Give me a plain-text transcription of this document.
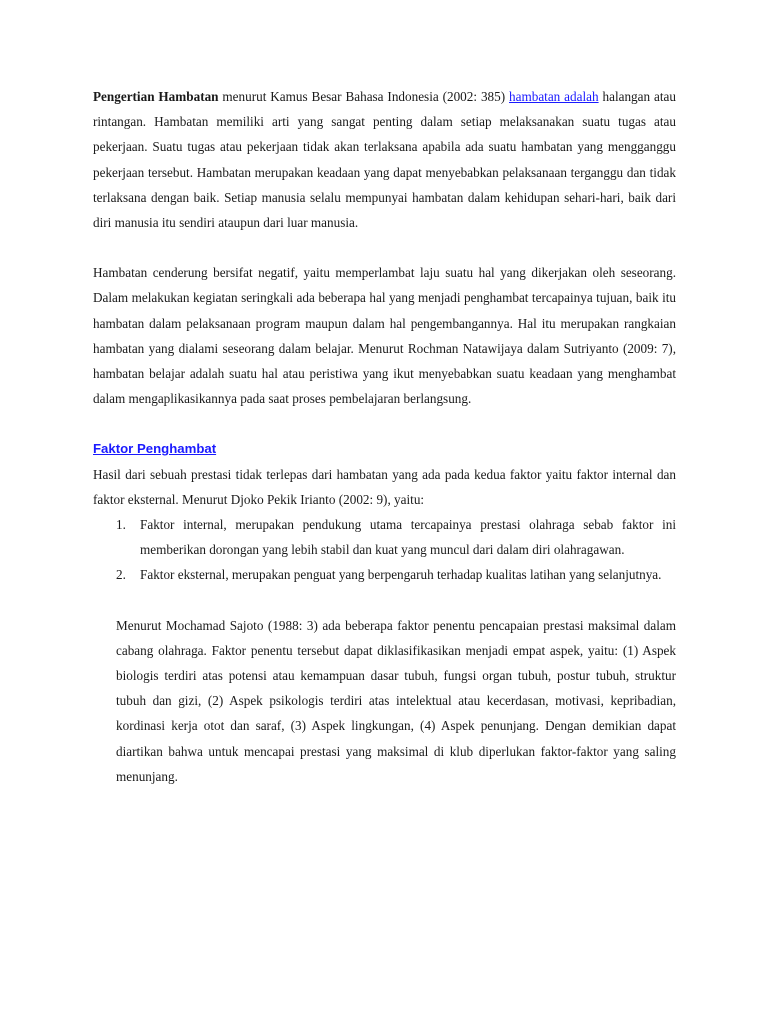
Pengertian Hambatan menurut Kamus Besar Bahasa Indonesia (2002: 385) hambatan adalah halangan atau rintangan. Hambatan memiliki arti yang sangat penting dalam setiap melaksanakan suatu tugas atau pekerjaan. Suatu tugas atau pekerjaan tidak akan terlaksana apabila ada suatu hambatan yang mengganggu pekerjaan tersebut. Hambatan merupakan keadaan yang dapat menyebabkan pelaksanaan terganggu dan tidak terlaksana dengan baik. Setiap manusia selalu mempunyai hambatan dalam kehidupan sehari-hari, baik dari diri manusia itu sendiri ataupun dari luar manusia.

Hambatan cenderung bersifat negatif, yaitu memperlambat laju suatu hal yang dikerjakan oleh seseorang. Dalam melakukan kegiatan seringkali ada beberapa hal yang menjadi penghambat tercapainya tujuan, baik itu hambatan dalam pelaksanaan program maupun dalam hal pengembangannya. Hal itu merupakan rangkaian hambatan yang dialami seseorang dalam belajar. Menurut Rochman Natawijaya dalam Sutriyanto (2009: 7), hambatan belajar adalah suatu hal atau peristiwa yang ikut menyebabkan suatu keadaan yang menghambat dalam mengaplikasikannya pada saat proses pembelajaran berlangsung.

Faktor Penghambat

Hasil dari sebuah prestasi tidak terlepas dari hambatan yang ada pada kedua faktor yaitu faktor internal dan faktor eksternal. Menurut Djoko Pekik Irianto (2002: 9), yaitu:

1. Faktor internal, merupakan pendukung utama tercapainya prestasi olahraga sebab faktor ini memberikan dorongan yang lebih stabil dan kuat yang muncul dari dalam diri olahragawan.
2. Faktor eksternal, merupakan penguat yang berpengaruh terhadap kualitas latihan yang selanjutnya.

Menurut Mochamad Sajoto (1988: 3) ada beberapa faktor penentu pencapaian prestasi maksimal dalam cabang olahraga. Faktor penentu tersebut dapat diklasifikasikan menjadi empat aspek, yaitu: (1) Aspek biologis terdiri atas potensi atau kemampuan dasar tubuh, fungsi organ tubuh, postur tubuh, struktur tubuh dan gizi, (2) Aspek psikologis terdiri atas intelektual atau kecerdasan, motivasi, kepribadian, kordinasi kerja otot dan saraf, (3) Aspek lingkungan, (4) Aspek penunjang. Dengan demikian dapat diartikan bahwa untuk mencapai prestasi yang maksimal di klub diperlukan faktor-faktor yang saling menunjang.
